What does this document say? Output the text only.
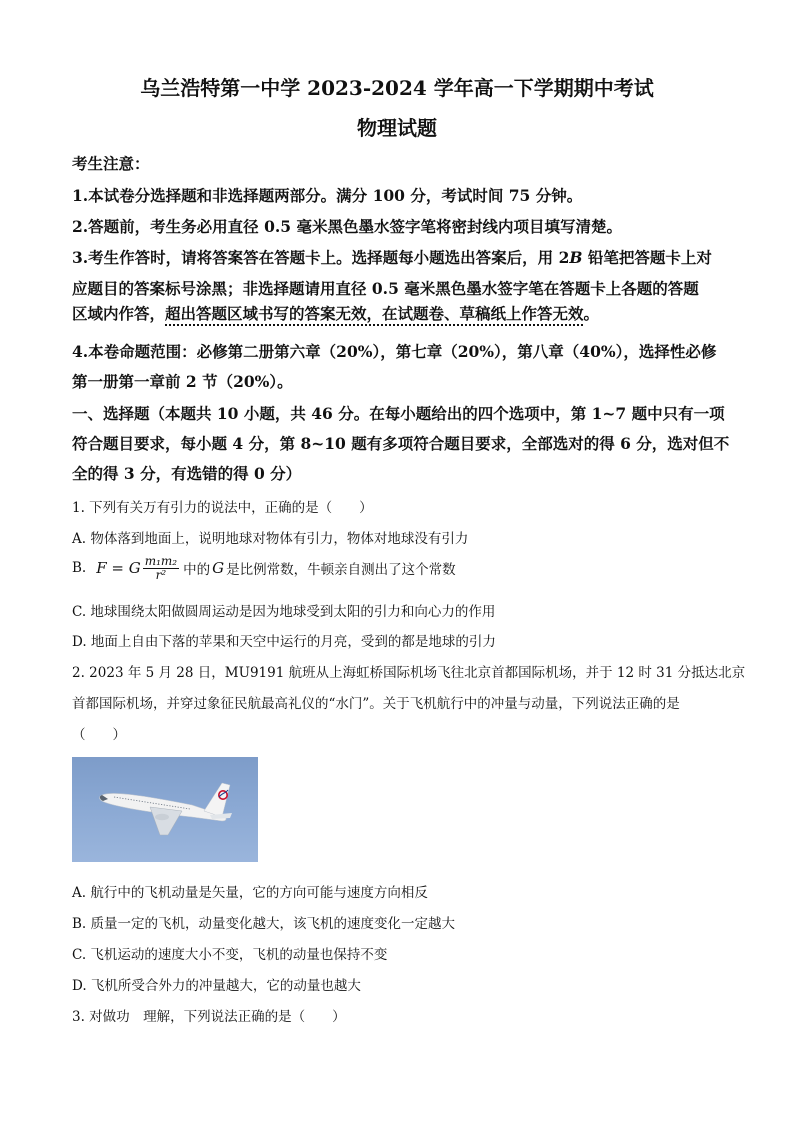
乌兰浩特第一中学 2023-2024 学年高一下学期期中考试
物理试题
考生注意：
1.本试卷分选择题和非选择题两部分。满分 100 分，考试时间 75 分钟。
2.答题前，考生务必用直径 0.5 毫米黑色墨水签字笔将密封线内项目填写清楚。
3.考生作答时，请将答案答在答题卡上。选择题每小题选出答案后，用 2B 铅笔把答题卡上对
应题目的答案标号涂黑；非选择题请用直径 0.5 毫米黑色墨水签字笔在答题卡上各题的答题
区域内作答，超出答题区域书写的答案无效，在试题卷、草稿纸上作答无效。
4.本卷命题范围：必修第二册第六章（20%），第七章（20%），第八章（40%），选择性必修
第一册第一章前 2 节（20%）。
一、选择题（本题共 10 小题，共 46 分。在每小题给出的四个选项中，第 1~7 题中只有一项
符合题目要求，每小题 4 分，第 8~10 题有多项符合题目要求，全部选对的得 6 分，选对但不
全的得 3 分，有选错的得 0 分）
1. 下列有关万有引力的说法中，正确的是（　　）
A. 物体落到地面上，说明地球对物体有引力，物体对地球没有引力
B. F = G $\frac{\text{m₁m₂}}{\text{r²}}$ 中的 G 是比例常数，牛顿亲自测出了这个常数
C. 地球围绕太阳做圆周运动是因为地球受到太阳的引力和向心力的作用
D. 地面上自由下落的苹果和天空中运行的月亮，受到的都是地球的引力
2. 2023 年 5 月 28 日，MU9191 航班从上海虹桥国际机场飞往北京首都国际机场，并于 12 时 31 分抵达北京
首都国际机场，并穿过象征民航最高礼仪的“水门”。关于飞机航行中的冲量与动量，下列说法正确的是
（　　）
A. 航行中的飞机动量是矢量，它的方向可能与速度方向相反
B. 质量一定的飞机，动量变化越大，该飞机的速度变化一定越大
C. 飞机运动的速度大小不变，飞机的动量也保持不变
D. 飞机所受合外力的冲量越大，它的动量也越大
3. 对做功　理解，下列说法正确的是（　　）
